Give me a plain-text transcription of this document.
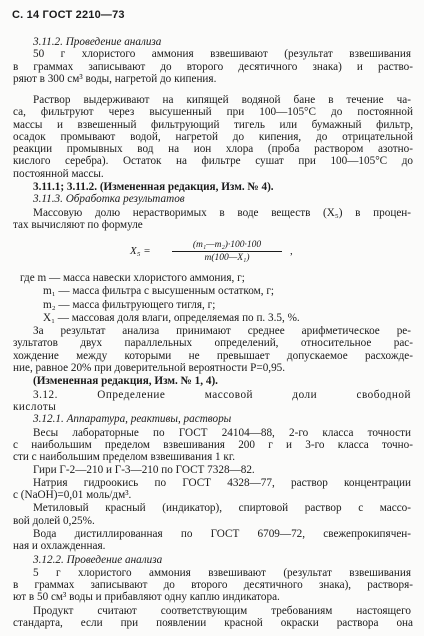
С. 14 ГОСТ 2210—73
3.11.2. Проведение анализа
50 г хлористого аммония взвешивают (результат взвешивания
в граммах записывают до второго десятичного знака) и раство-
ряют в 300 см³ воды, нагретой до кипения.
Раствор выдерживают на кипящей водяной бане в течение ча-
са, фильтруют через высушенный при 100—105°С до постоянной
массы и взвешенный фильтрующий тигель или бумажный фильтр,
осадок промывают водой, нагретой до кипения, до отрицательной
реакции промывных вод на ион хлора (проба раствором азотно-
кислого серебра). Остаток на фильтре сушат при 100—105°С до
постоянной массы.
3.11.1; 3.11.2. (Измененная редакция, Изм. № 4).
3.11.3. Обработка результатов
Массовую долю нерастворимых в воде веществ (X₅) в процен-
тах вычисляют по формуле
$X_5 = \frac{\text{(m₁—m₂)·100·100}}{\text{m(100—X₁)}}$ ,
где m — масса навески хлористого аммония, г;
m₁ — масса фильтра с высушенным остатком, г;
m₂ — масса фильтрующего тигля, г;
X₁ — массовая доля влаги, определяемая по п. 3.5, %.
За результат анализа принимают среднее арифметическое ре-
зультатов двух параллельных определений, относительное рас-
хождение между которыми не превышает допускаемое расхожде-
ние, равное 20% при доверительной вероятности P=0,95.
(Измененная редакция, Изм. № 1, 4).
3.12. Определение массовой доли свободной
кислоты
3.12.1. Аппаратура, реактивы, растворы
Весы лабораторные по ГОСТ 24104—88, 2-го класса точности
с наибольшим пределом взвешивания 200 г и 3-го класса точно-
сти с наибольшим пределом взвешивания 1 кг.
Гири Г-2—210 и Г-3—210 по ГОСТ 7328—82.
Натрия гидроокись по ГОСТ 4328—77, раствор концентрации
c (NaOH)=0,01 моль/дм³.
Метиловый красный (индикатор), спиртовой раствор с массо-
вой долей 0,25%.
Вода дистиллированная по ГОСТ 6709—72, свежепрокипячен-
ная и охлажденная.
3.12.2. Проведение анализа
5 г хлористого аммония взвешивают (результат взвешивания
в граммах записывают до второго десятичного знака), растворя-
ют в 50 см³ воды и прибавляют одну каплю индикатора.
Продукт считают соответствующим требованиям настоящего
стандарта, если при появлении красной окраски раствора она
